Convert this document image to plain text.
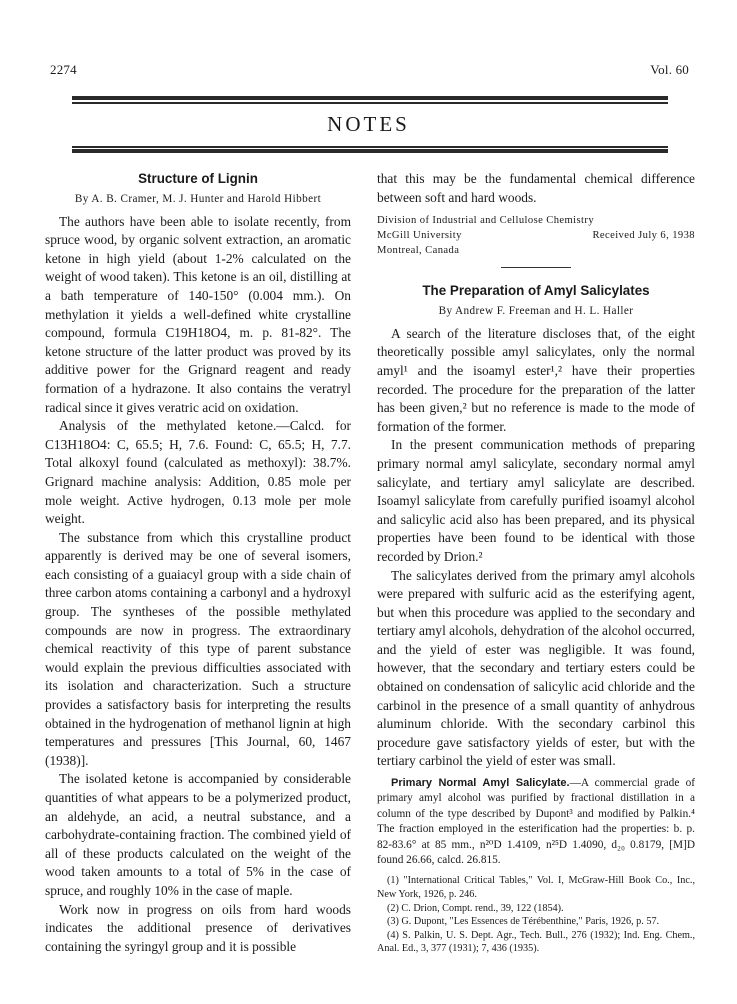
2274	Vol. 60
NOTES
Structure of Lignin
By A. B. Cramer, M. J. Hunter and Harold Hibbert

The authors have been able to isolate recently, from spruce wood, by organic solvent extraction, an aromatic ketone in high yield (about 1-2% calculated on the weight of wood taken). This ketone is an oil, distilling at a bath temperature of 140-150° (0.004 mm.). On methylation it yields a well-defined white crystalline compound, formula C19H18O4, m. p. 81-82°. The ketone structure of the latter product was proved by its additive power for the Grignard reagent and ready formation of a hydrazone. It also contains the veratryl radical since it gives veratric acid on oxidation.

Analysis of the methylated ketone.—Calcd. for C13H18O4: C, 65.5; H, 7.6. Found: C, 65.5; H, 7.7. Total alkoxyl found (calculated as methoxyl): 38.7%. Grignard machine analysis: Addition, 0.85 mole per mole weight. Active hydrogen, 0.13 mole per mole weight.

The substance from which this crystalline product apparently is derived may be one of several isomers, each consisting of a guaiacyl group with a side chain of three carbon atoms containing a carbonyl and a hydroxyl group. The syntheses of the possible methylated compounds are now in progress. The extraordinary chemical reactivity of this type of parent substance would explain the previous difficulties associated with its isolation and characterization. Such a structure provides a satisfactory basis for interpreting the results obtained in the hydrogenation of methanol lignin at high temperatures and pressures [This Journal, 60, 1467 (1938)].

The isolated ketone is accompanied by considerable quantities of what appears to be a polymerized product, an aldehyde, an acid, a neutral substance, and a carbohydrate-containing fraction. The combined yield of all of these products calculated on the weight of the wood taken amounts to a total of 5% in the case of spruce, and roughly 10% in the case of maple.

Work now in progress on oils from hard woods indicates the additional presence of derivatives containing the syringyl group and it is possible

that this may be the fundamental chemical difference between soft and hard woods.

Division of Industrial and Cellulose Chemistry
McGill University	Received July 6, 1938
Montreal, Canada
The Preparation of Amyl Salicylates
By Andrew F. Freeman and H. L. Haller

A search of the literature discloses that, of the eight theoretically possible amyl salicylates, only the normal amyl¹ and the isoamyl ester¹,² have their properties recorded. The procedure for the preparation of the latter has been given,² but no reference is made to the mode of formation of the former.

In the present communication methods of preparing primary normal amyl salicylate, secondary normal amyl salicylate, and tertiary amyl salicylate are described. Isoamyl salicylate from carefully purified isoamyl alcohol and salicylic acid also has been prepared, and its physical properties have been found to be identical with those recorded by Drion.²

The salicylates derived from the primary amyl alcohols were prepared with sulfuric acid as the esterifying agent, but when this procedure was applied to the secondary and tertiary amyl alcohols, dehydration of the alcohol occurred, and the yield of ester was negligible. It was found, however, that the secondary and tertiary esters could be obtained on condensation of salicylic acid chloride and the carbinol in the presence of a small quantity of anhydrous aluminum chloride. With the secondary carbinol this procedure gave satisfactory yields of ester, but with the tertiary carbinol the yield of ester was small.

Primary Normal Amyl Salicylate.—A commercial grade of primary amyl alcohol was purified by fractional distillation in a column of the type described by Dupont³ and modified by Palkin.⁴ The fraction employed in the esterification had the properties: b. p. 82-83.6° at 85 mm., n²⁰D 1.4109, n²⁵D 1.4090, d₂₀ 0.8179, [M]D found 26.66, calcd. 26.815.

(1) "International Critical Tables," Vol. I, McGraw-Hill Book Co., Inc., New York, 1926, p. 246.
(2) C. Drion, Compt. rend., 39, 122 (1854).
(3) G. Dupont, "Les Essences de Térébenthine," Paris, 1926, p. 57.
(4) S. Palkin, U. S. Dept. Agr., Tech. Bull., 276 (1932); Ind. Eng. Chem., Anal. Ed., 3, 377 (1931); 7, 436 (1935).
